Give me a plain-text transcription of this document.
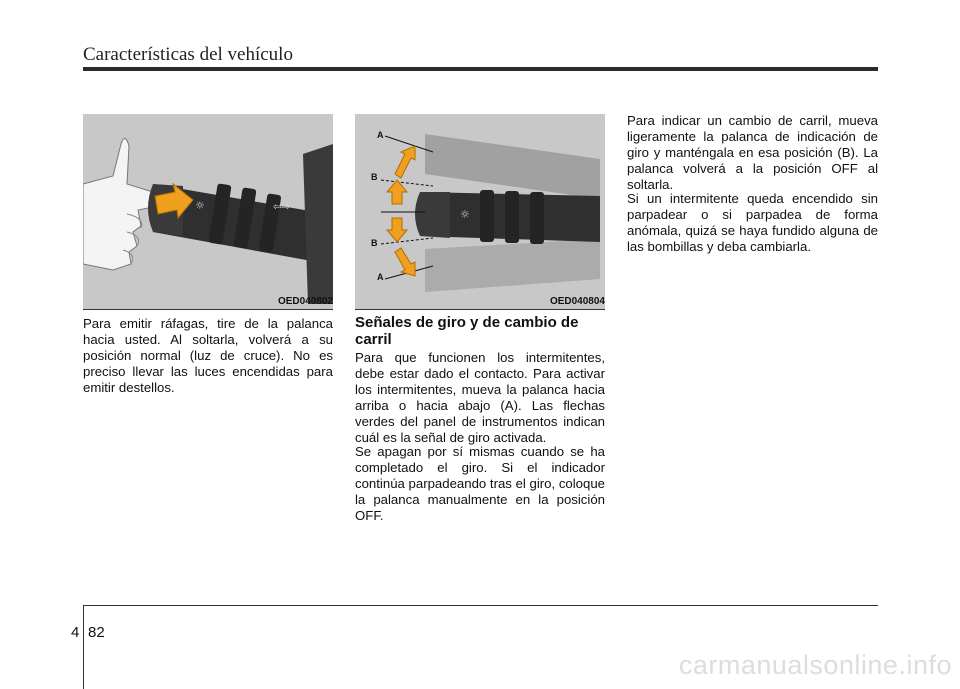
Características del vehículo
☼	⇦⇨
OED040802
☼
A
B
B
A
OED040804

Para emitir ráfagas, tire de la palanca hacia usted. Al soltarla, volverá a su posición normal (luz de cruce). No es preciso llevar las luces encendidas para emitir destellos.

Señales de giro y de cambio de carril

Para que funcionen los intermitentes, debe estar dado el contacto. Para activar los intermitentes, mueva la palanca hacia arriba o hacia abajo (A). Las flechas verdes del panel de instrumentos indican cuál es la señal de giro activada.

Se apagan por sí mismas cuando se ha completado el giro. Si el indicador continúa parpadeando tras el giro, coloque la palanca manualmente en la posición OFF.

Para indicar un cambio de carril, mueva ligeramente la palanca de indicación de giro y manténgala en esa posición (B). La palanca volverá a la posición OFF al soltarla.

Si un intermitente queda encendido sin parpadear o si parpadea de forma anómala, quizá se haya fundido alguna de las bombillas y deba cambiarla.

4 82
carmanualsonline.info
